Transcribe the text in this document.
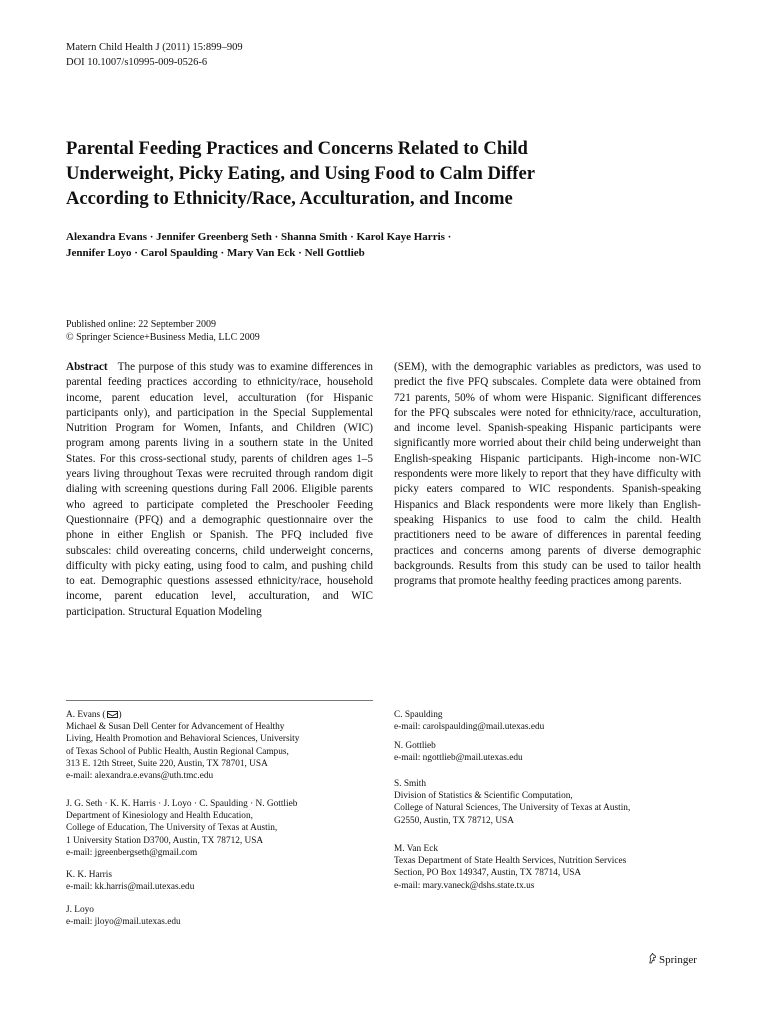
Matern Child Health J (2011) 15:899–909
DOI 10.1007/s10995-009-0526-6
Parental Feeding Practices and Concerns Related to Child
Underweight, Picky Eating, and Using Food to Calm Differ
According to Ethnicity/Race, Acculturation, and Income
Alexandra Evans · Jennifer Greenberg Seth · Shanna Smith · Karol Kaye Harris ·
Jennifer Loyo · Carol Spaulding · Mary Van Eck · Nell Gottlieb
Published online: 22 September 2009
© Springer Science+Business Media, LLC 2009
Abstract The purpose of this study was to examine differences in parental feeding practices according to ethnicity/race, household income, parent education level, acculturation (for Hispanic participants only), and participation in the Special Supplemental Nutrition Program for Women, Infants, and Children (WIC) program among parents living in a southern state in the United States. For this cross-sectional study, parents of children ages 1–5 years living throughout Texas were recruited through random digit dialing with screening questions during Fall 2006. Eligible parents who agreed to participate completed the Preschooler Feeding Questionnaire (PFQ) and a demographic questionnaire over the phone in either English or Spanish. The PFQ included five subscales: child overeating concerns, child underweight concerns, difficulty with picky eating, using food to calm, and pushing child to eat. Demographic questions assessed ethnicity/race, household income, parent education level, acculturation, and WIC participation. Structural Equation Modeling
(SEM), with the demographic variables as predictors, was used to predict the five PFQ subscales. Complete data were obtained from 721 parents, 50% of whom were Hispanic. Significant differences for the PFQ subscales were noted for ethnicity/race, acculturation, and income level. Spanish-speaking Hispanic participants were significantly more worried about their child being underweight than English-speaking Hispanic participants. High-income non-WIC respondents were more likely to report that they have difficulty with picky eaters compared to WIC respondents. Spanish-speaking Hispanics and Black respondents were more likely than English-speaking Hispanics to use food to calm the child. Health practitioners need to be aware of differences in parental feeding practices and concerns among parents of diverse demographic backgrounds. Results from this study can be used to tailor health programs that promote healthy feeding practices among parents.
A. Evans ( )
Michael & Susan Dell Center for Advancement of Healthy
Living, Health Promotion and Behavioral Sciences, University
of Texas School of Public Health, Austin Regional Campus,
313 E. 12th Street, Suite 220, Austin, TX 78701, USA
e-mail: alexandra.e.evans@uth.tmc.edu
J. G. Seth · K. K. Harris · J. Loyo · C. Spaulding · N. Gottlieb
Department of Kinesiology and Health Education,
College of Education, The University of Texas at Austin,
1 University Station D3700, Austin, TX 78712, USA
e-mail: jgreenbergseth@gmail.com
K. K. Harris
e-mail: kk.harris@mail.utexas.edu
J. Loyo
e-mail: jloyo@mail.utexas.edu
C. Spaulding
e-mail: carolspaulding@mail.utexas.edu
N. Gottlieb
e-mail: ngottlieb@mail.utexas.edu
S. Smith
Division of Statistics & Scientific Computation,
College of Natural Sciences, The University of Texas at Austin,
G2550, Austin, TX 78712, USA
M. Van Eck
Texas Department of State Health Services, Nutrition Services
Section, PO Box 149347, Austin, TX 78714, USA
e-mail: mary.vaneck@dshs.state.tx.us
Springer
